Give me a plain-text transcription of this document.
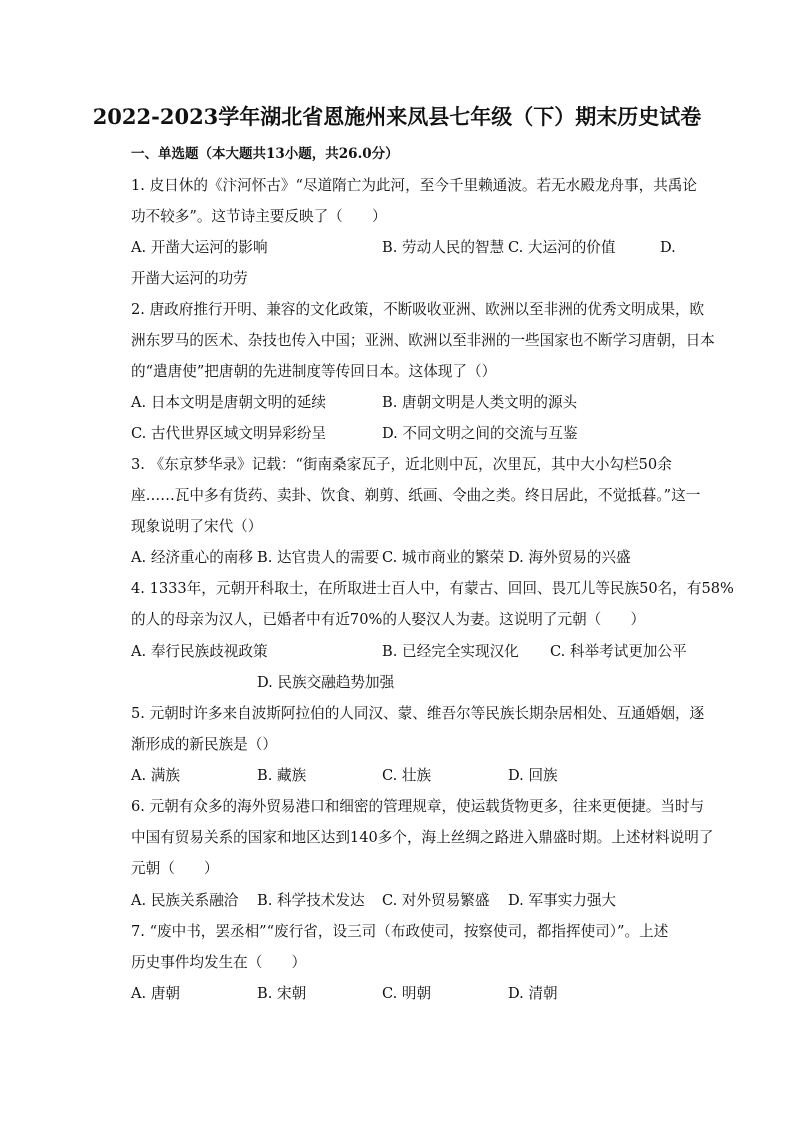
2022-2023学年湖北省恩施州来凤县七年级（下）期末历史试卷
一、单选题（本大题共13小题，共26.0分）
1. 皮日休的《汴河怀古》“尽道隋亡为此河，至今千里赖通波。若无水殿龙舟事，共禹论
功不较多”。这节诗主要反映了（　　）
A. 开凿大运河的影响	B. 劳动人民的智慧 C. 大运河的价值	D.
开凿大运河的功劳
2. 唐政府推行开明、兼容的文化政策，不断吸收亚洲、欧洲以至非洲的优秀文明成果，欧
洲东罗马的医术、杂技也传入中国；亚洲、欧洲以至非洲的一些国家也不断学习唐朝，日本
的“遣唐使”把唐朝的先进制度等传回日本。这体现了（）
A. 日本文明是唐朝文明的延续	B. 唐朝文明是人类文明的源头
C. 古代世界区域文明异彩纷呈	D. 不同文明之间的交流与互鉴
3. 《东京梦华录》记载：“街南桑家瓦子，近北则中瓦，次里瓦，其中大小勾栏50余
座……瓦中多有货药、卖卦、饮食、剃剪、纸画、令曲之类。终日居此，不觉抵暮。”这一
现象说明了宋代（）
A. 经济重心的南移 B. 达官贵人的需要 C. 城市商业的繁荣 D. 海外贸易的兴盛
4. 1333年，元朝开科取士，在所取进士百人中，有蒙古、回回、畏兀儿等民族50名，有58%
的人的母亲为汉人，已婚者中有近70%的人娶汉人为妻。这说明了元朝（　　）
A. 奉行民族歧视政策	B. 已经完全实现汉化 C. 科举考试更加公平
D. 民族交融趋势加强
5. 元朝时许多来自波斯阿拉伯的人同汉、蒙、维吾尔等民族长期杂居相处、互通婚姻，逐
渐形成的新民族是（）
A. 满族	B. 藏族	C. 壮族	D. 回族
6. 元朝有众多的海外贸易港口和细密的管理规章，使运载货物更多，往来更便捷。当时与
中国有贸易关系的国家和地区达到140多个，海上丝绸之路进入鼎盛时期。上述材料说明了
元朝（　　）
A. 民族关系融洽 B. 科学技术发达 C. 对外贸易繁盛 D. 军事实力强大
7. “废中书，罢丞相”“废行省，设三司（布政使司，按察使司，都指挥使司）”。上述
历史事件均发生在（　　）
A. 唐朝	B. 宋朝	C. 明朝	D. 清朝
